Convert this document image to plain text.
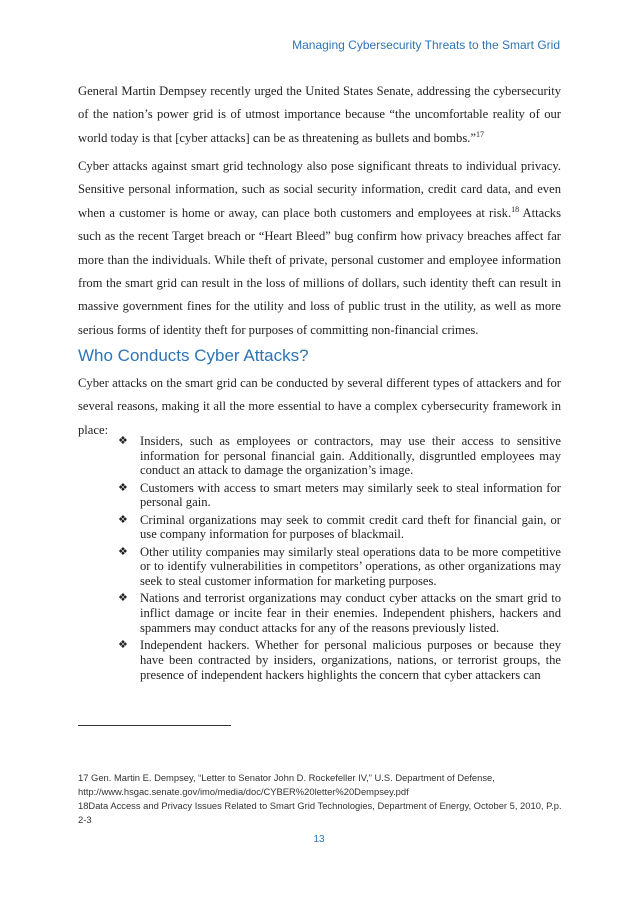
Managing Cybersecurity Threats to the Smart Grid

General Martin Dempsey recently urged the United States Senate, addressing the cybersecurity of the nation’s power grid is of utmost importance because “the uncomfortable reality of our world today is that [cyber attacks] can be as threatening as bullets and bombs.”$^{17}$

Cyber attacks against smart grid technology also pose significant threats to individual privacy. Sensitive personal information, such as social security information, credit card data, and even when a customer is home or away, can place both customers and employees at risk.$^{18}$ Attacks such as the recent Target breach or “Heart Bleed” bug confirm how privacy breaches affect far more than the individuals. While theft of private, personal customer and employee information from the smart grid can result in the loss of millions of dollars, such identity theft can result in massive government fines for the utility and loss of public trust in the utility, as well as more serious forms of identity theft for purposes of committing non-financial crimes.

Who Conducts Cyber Attacks?

Cyber attacks on the smart grid can be conducted by several different types of attackers and for several reasons, making it all the more essential to have a complex cybersecurity framework in place:

❖ Insiders, such as employees or contractors, may use their access to sensitive information for personal financial gain. Additionally, disgruntled employees may conduct an attack to damage the organization’s image.
❖ Customers with access to smart meters may similarly seek to steal information for personal gain.
❖ Criminal organizations may seek to commit credit card theft for financial gain, or use company information for purposes of blackmail.
❖ Other utility companies may similarly steal operations data to be more competitive or to identify vulnerabilities in competitors’ operations, as other organizations may seek to steal customer information for marketing purposes.
❖ Nations and terrorist organizations may conduct cyber attacks on the smart grid to inflict damage or incite fear in their enemies. Independent phishers, hackers and spammers may conduct attacks for any of the reasons previously listed.
❖ Independent hackers. Whether for personal malicious purposes or because they have been contracted by insiders, organizations, nations, or terrorist groups, the presence of independent hackers highlights the concern that cyber attackers can
17 Gen. Martin E. Dempsey, “Letter to Senator John D. Rockefeller IV,” U.S. Department of Defense,
http://www.hsgac.senate.gov/imo/media/doc/CYBER%20letter%20Dempsey.pdf
18Data Access and Privacy Issues Related to Smart Grid Technologies, Department of Energy, October 5, 2010, P.p. 2-3
13
